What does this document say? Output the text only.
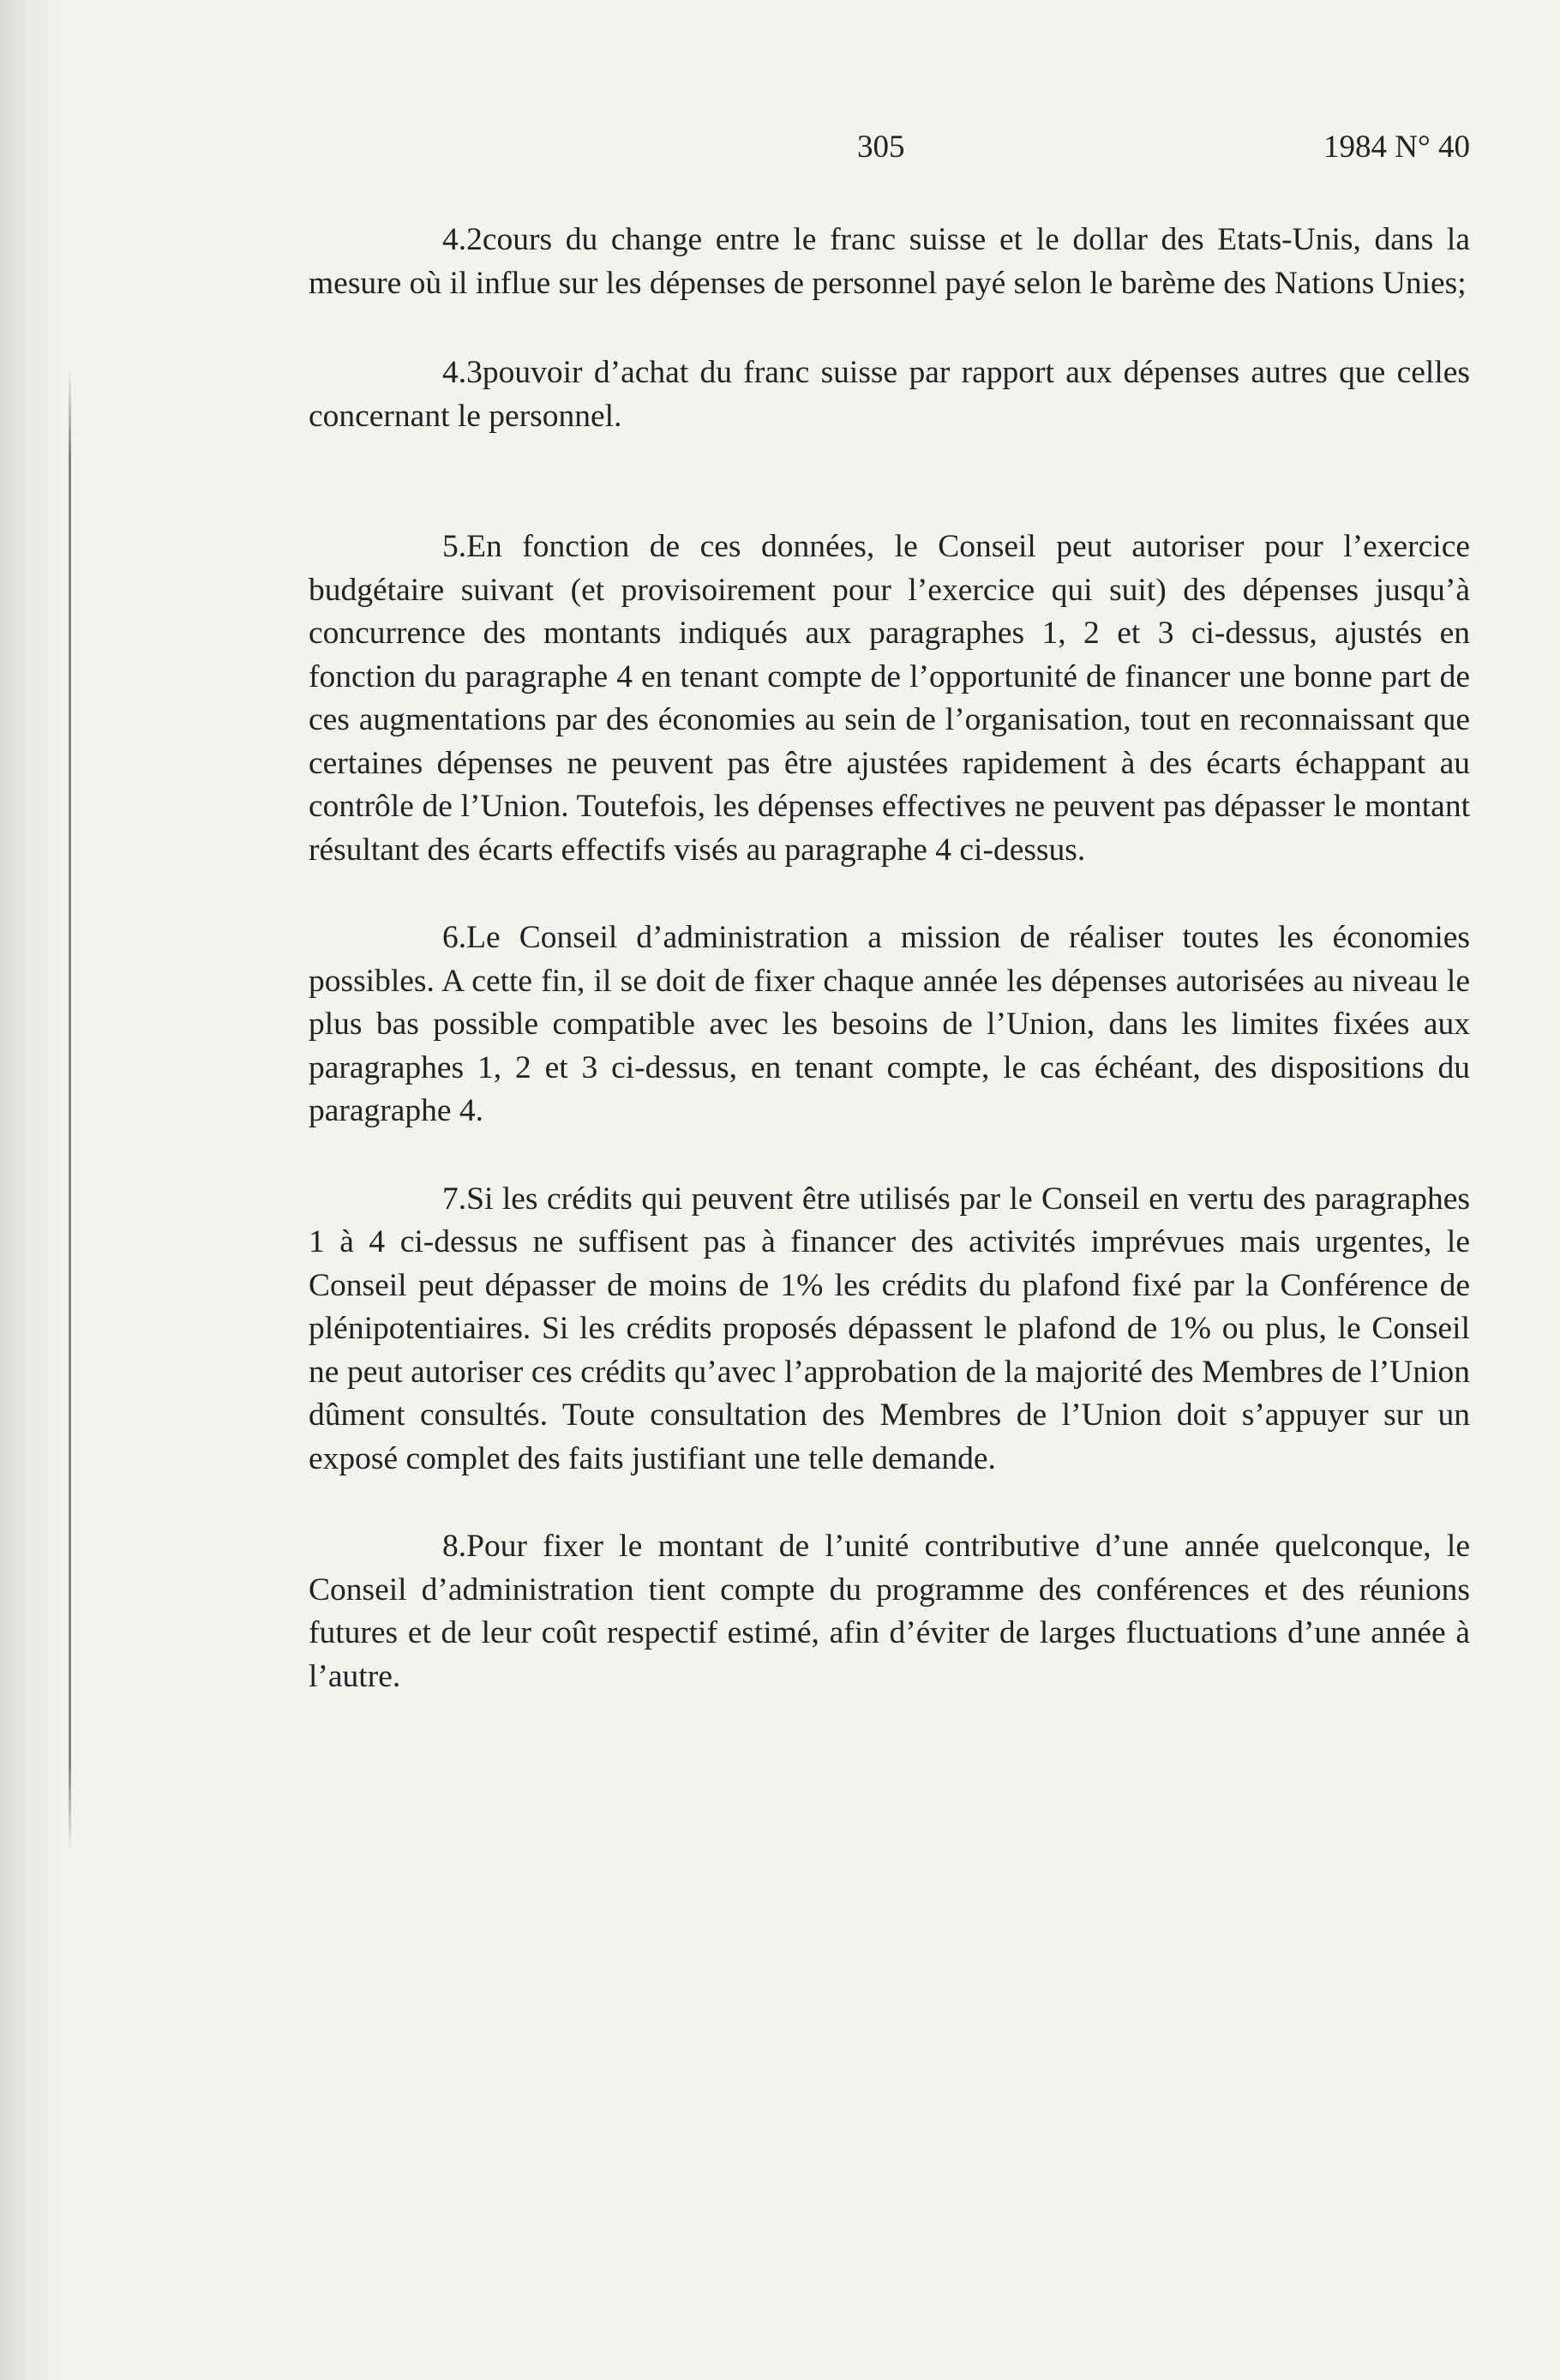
305	1984 N° 40

4.2cours du change entre le franc suisse et le dollar des Etats-Unis, dans la mesure où il influe sur les dépenses de personnel payé selon le barème des Nations Unies;

4.3pouvoir d’achat du franc suisse par rapport aux dépenses autres que celles concernant le personnel.

5.En fonction de ces données, le Conseil peut autoriser pour l’exercice budgétaire suivant (et provisoirement pour l’exercice qui suit) des dépenses jusqu’à concurrence des montants indiqués aux paragraphes 1, 2 et 3 ci-dessus, ajustés en fonction du paragraphe 4 en tenant compte de l’opportunité de financer une bonne part de ces augmentations par des économies au sein de l’organisation, tout en reconnaissant que certaines dépenses ne peuvent pas être ajustées rapidement à des écarts échappant au contrôle de l’Union. Toutefois, les dépenses effectives ne peuvent pas dépasser le montant résultant des écarts effectifs visés au paragraphe 4 ci-dessus.

6.Le Conseil d’administration a mission de réaliser toutes les économies possibles. A cette fin, il se doit de fixer chaque année les dépenses autorisées au niveau le plus bas possible compatible avec les besoins de l’Union, dans les limites fixées aux paragraphes 1, 2 et 3 ci-dessus, en tenant compte, le cas échéant, des dispositions du paragraphe 4.

7.Si les crédits qui peuvent être utilisés par le Conseil en vertu des paragraphes 1 à 4 ci-dessus ne suffisent pas à financer des activités imprévues mais urgentes, le Conseil peut dépasser de moins de 1% les crédits du plafond fixé par la Conférence de plénipotentiaires. Si les crédits proposés dépassent le plafond de 1% ou plus, le Conseil ne peut autoriser ces crédits qu’avec l’approbation de la majorité des Membres de l’Union dûment consultés. Toute consultation des Membres de l’Union doit s’appuyer sur un exposé complet des faits justifiant une telle demande.

8.Pour fixer le montant de l’unité contributive d’une année quelconque, le Conseil d’administration tient compte du programme des conférences et des réunions futures et de leur coût respectif estimé, afin d’éviter de larges fluctuations d’une année à l’autre.
